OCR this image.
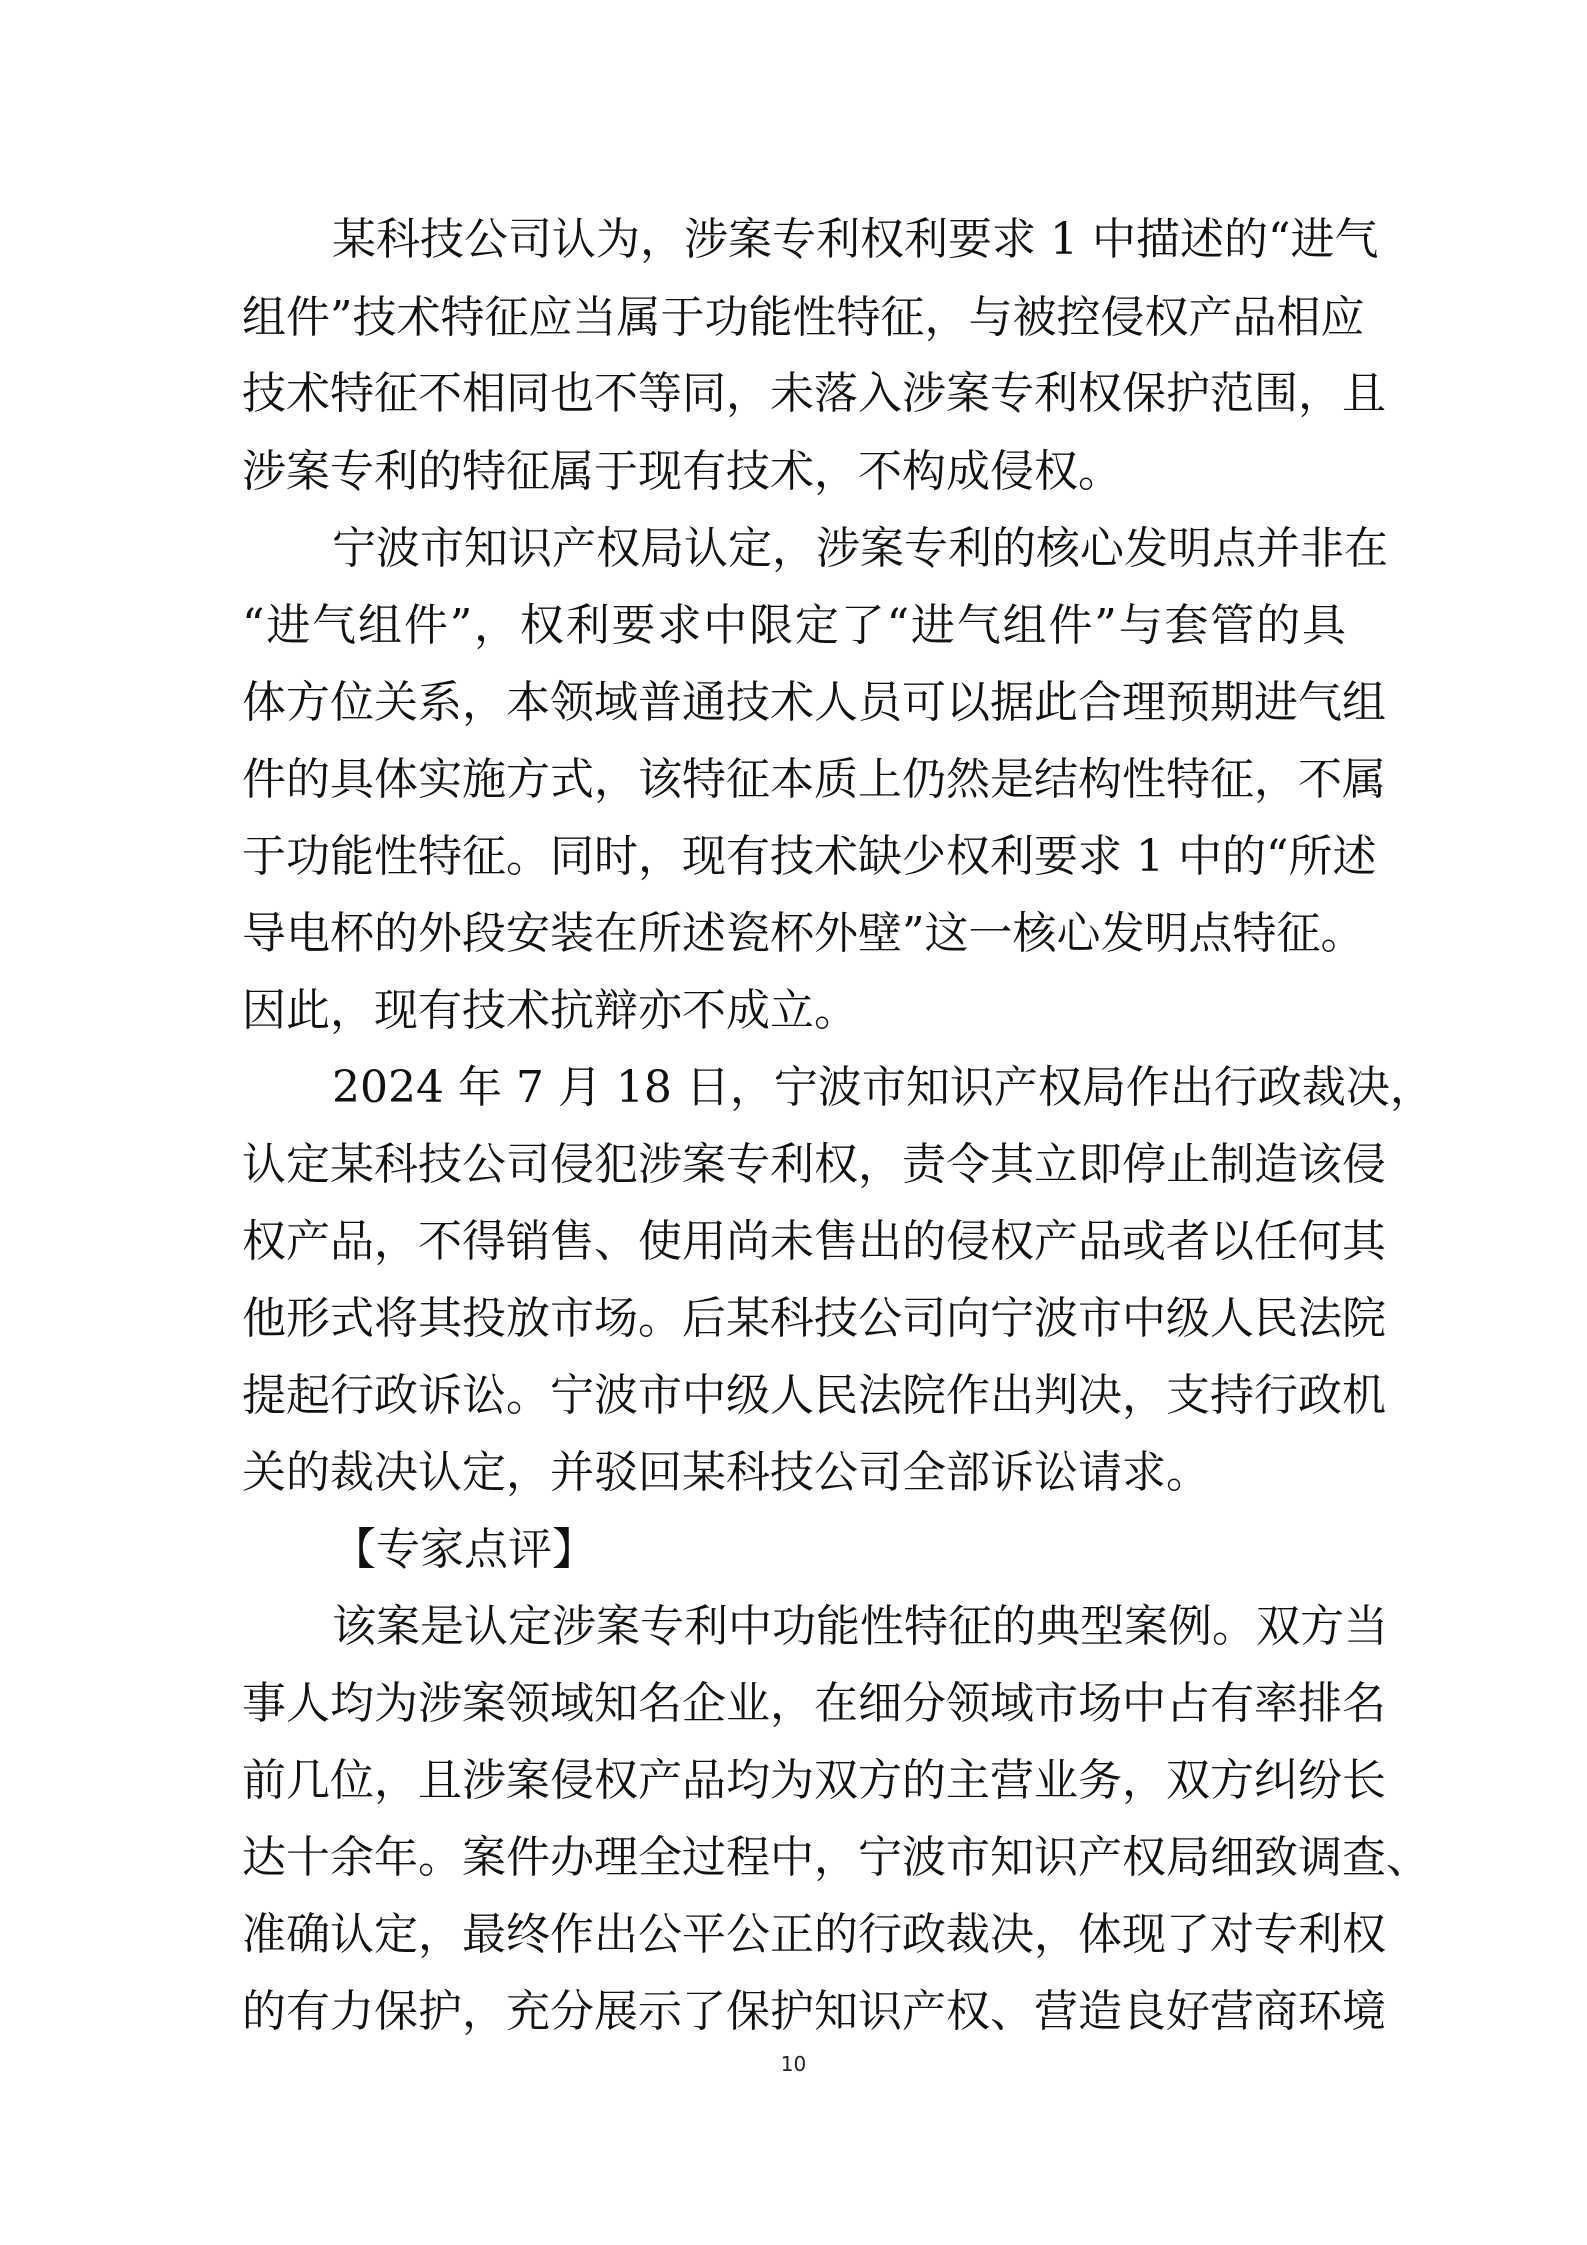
某科技公司认为，涉案专利权利要求 1 中描述的“进气
组件”技术特征应当属于功能性特征，与被控侵权产品相应
技术特征不相同也不等同，未落入涉案专利权保护范围，且
涉案专利的特征属于现有技术，不构成侵权。
宁波市知识产权局认定，涉案专利的核心发明点并非在
“进气组件”，权利要求中限定了“进气组件”与套管的具
体方位关系，本领域普通技术人员可以据此合理预期进气组
件的具体实施方式，该特征本质上仍然是结构性特征，不属
于功能性特征。同时，现有技术缺少权利要求 1 中的“所述
导电杯的外段安装在所述瓷杯外壁”这一核心发明点特征。
因此，现有技术抗辩亦不成立。
2024 年 7 月 18 日，宁波市知识产权局作出行政裁决，
认定某科技公司侵犯涉案专利权，责令其立即停止制造该侵
权产品，不得销售、使用尚未售出的侵权产品或者以任何其
他形式将其投放市场。后某科技公司向宁波市中级人民法院
提起行政诉讼。宁波市中级人民法院作出判决，支持行政机
关的裁决认定，并驳回某科技公司全部诉讼请求。
【专家点评】
该案是认定涉案专利中功能性特征的典型案例。双方当
事人均为涉案领域知名企业，在细分领域市场中占有率排名
前几位，且涉案侵权产品均为双方的主营业务，双方纠纷长
达十余年。案件办理全过程中，宁波市知识产权局细致调查、
准确认定，最终作出公平公正的行政裁决，体现了对专利权
的有力保护，充分展示了保护知识产权、营造良好营商环境
10
